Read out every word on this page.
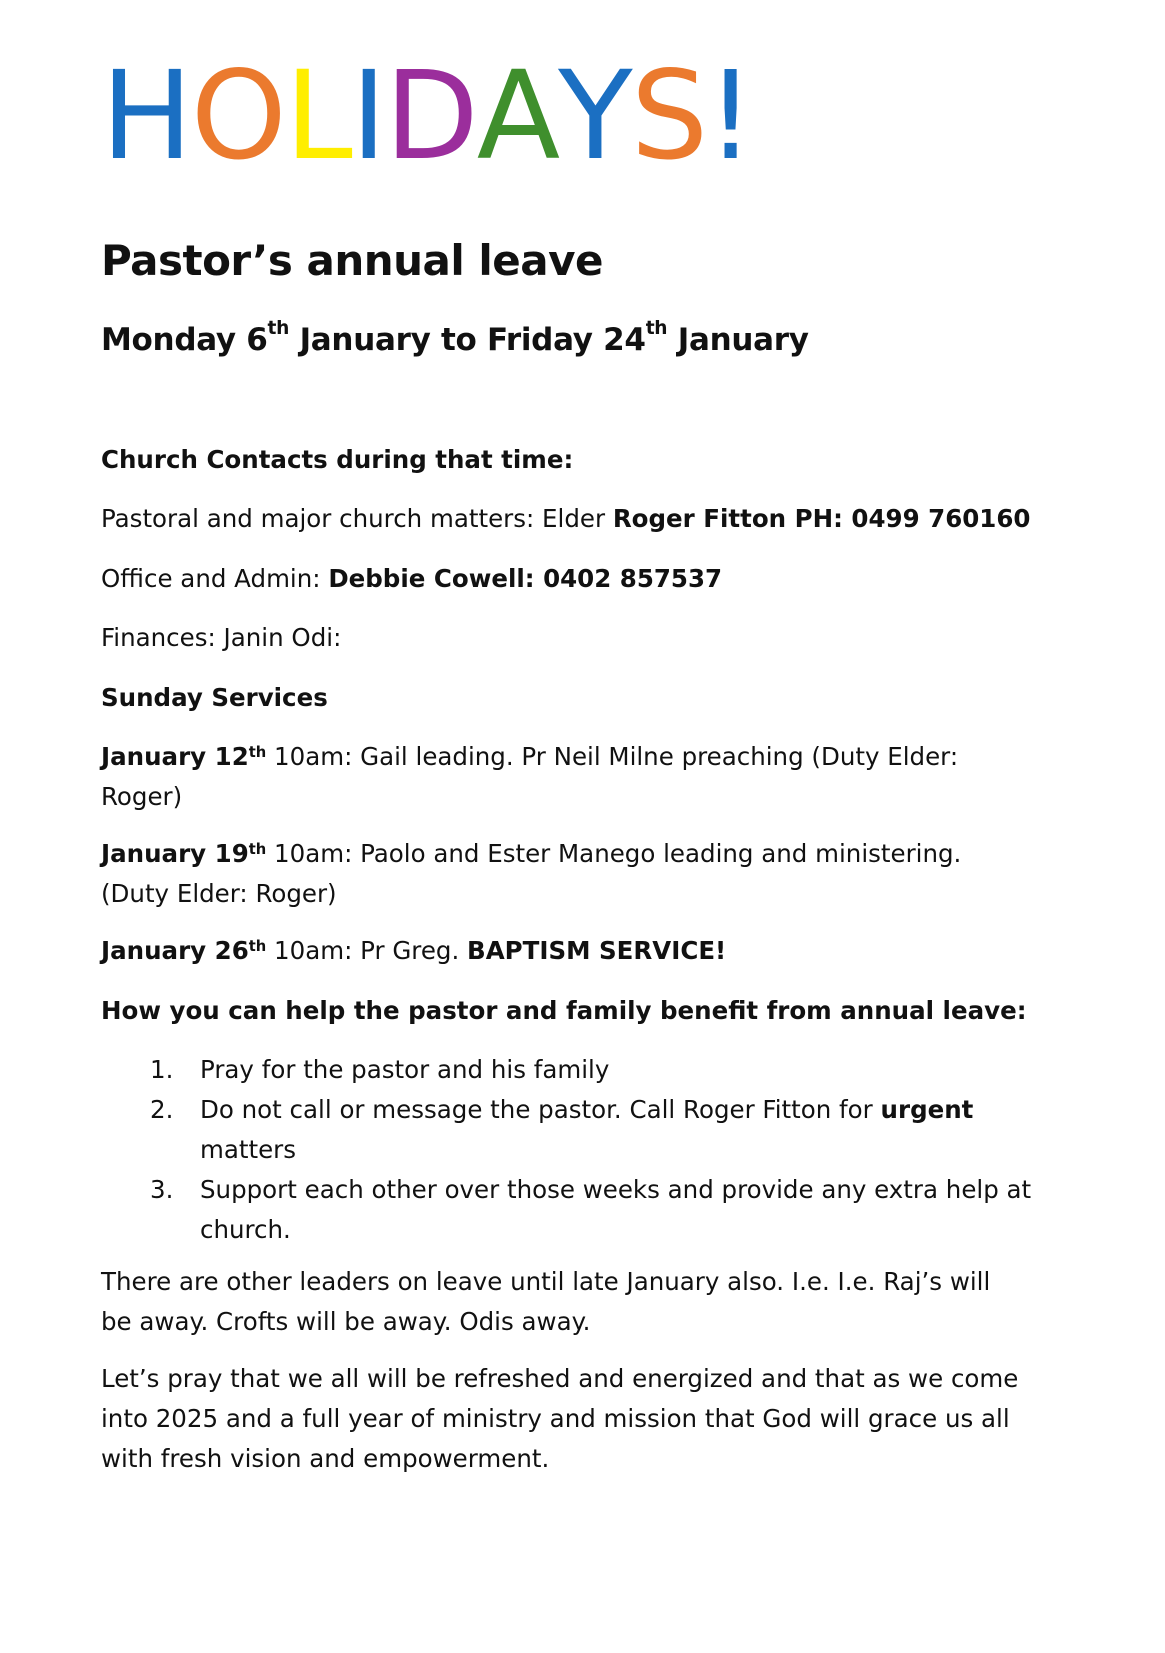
HOLIDAYS!
Pastor’s annual leave
Monday 6th January to Friday 24th January
Church Contacts during that time:
Pastoral and major church matters: Elder Roger Fitton PH: 0499 760160
Office and Admin: Debbie Cowell: 0402 857537
Finances: Janin Odi:
Sunday Services
January 12th 10am: Gail leading. Pr Neil Milne preaching (Duty Elder: Roger)
January 19th 10am: Paolo and Ester Manego leading and ministering. (Duty Elder: Roger)
January 26th 10am: Pr Greg. BAPTISM SERVICE!
How you can help the pastor and family benefit from annual leave:
1. Pray for the pastor and his family
2. Do not call or message the pastor. Call Roger Fitton for urgent matters
3. Support each other over those weeks and provide any extra help at church.
There are other leaders on leave until late January also. I.e. I.e. Raj’s will be away. Crofts will be away. Odis away.
Let’s pray that we all will be refreshed and energized and that as we come into 2025 and a full year of ministry and mission that God will grace us all with fresh vision and empowerment.
